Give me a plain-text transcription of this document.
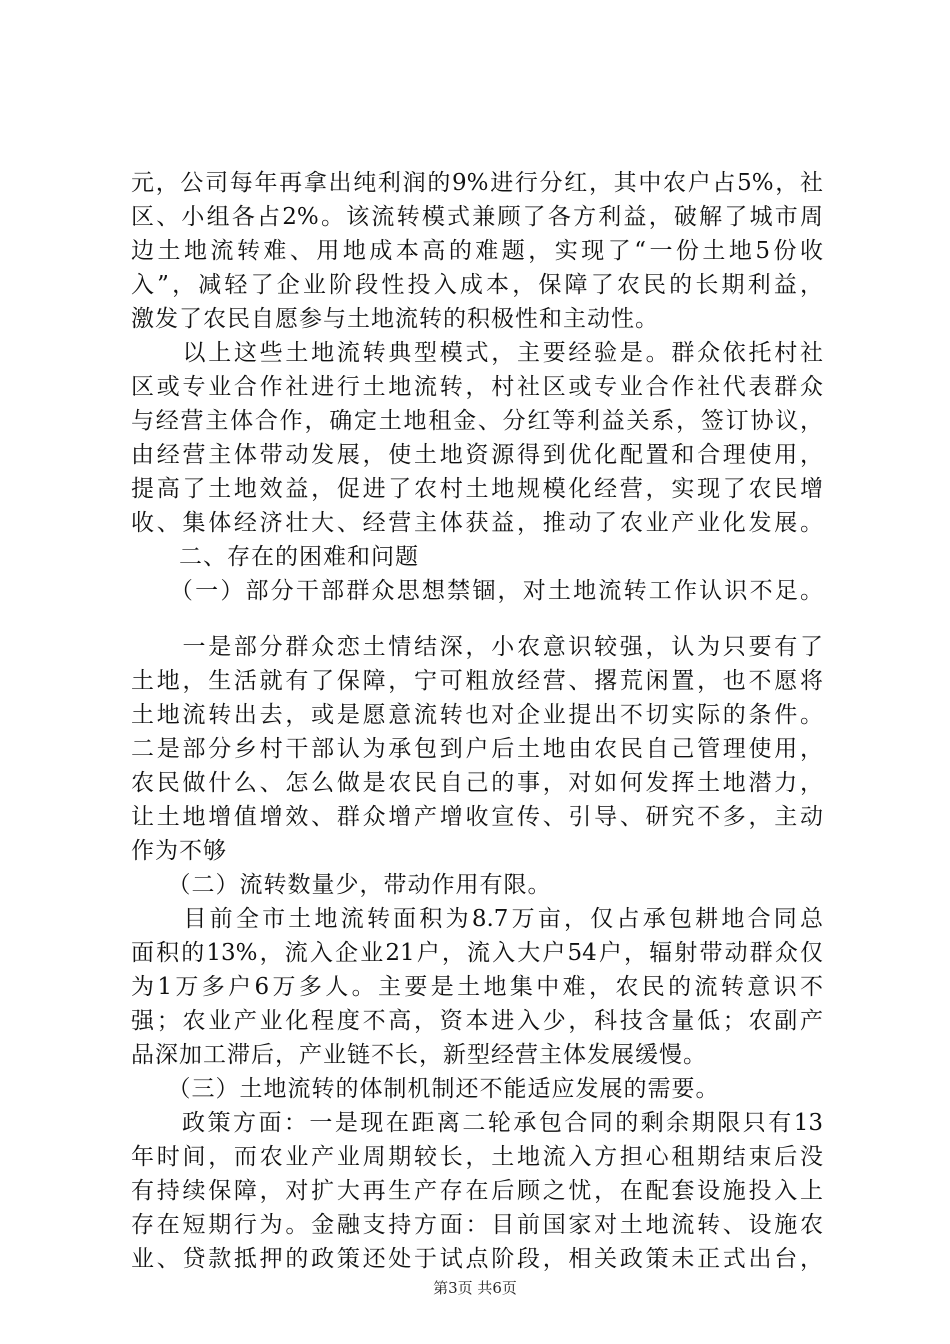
元，公司每年再拿出纯利润的9%进行分红，其中农户占5%，社
区、小组各占2%。该流转模式兼顾了各方利益，破解了城市周
边土地流转难、用地成本高的难题，实现了“一份土地5份收
入”，减轻了企业阶段性投入成本，保障了农民的长期利益，
激发了农民自愿参与土地流转的积极性和主动性。
　　以上这些土地流转典型模式，主要经验是。群众依托村社
区或专业合作社进行土地流转，村社区或专业合作社代表群众
与经营主体合作，确定土地租金、分红等利益关系，签订协议，
由经营主体带动发展，使土地资源得到优化配置和合理使用，
提高了土地效益，促进了农村土地规模化经营，实现了农民增
收、集体经济壮大、经营主体获益，推动了农业产业化发展。
　　二、存在的困难和问题
　　（一）部分干部群众思想禁锢，对土地流转工作认识不足。
　　一是部分群众恋土情结深，小农意识较强，认为只要有了
土地，生活就有了保障，宁可粗放经营、撂荒闲置，也不愿将
土地流转出去，或是愿意流转也对企业提出不切实际的条件。
二是部分乡村干部认为承包到户后土地由农民自己管理使用，
农民做什么、怎么做是农民自己的事，对如何发挥土地潜力，
让土地增值增效、群众增产增收宣传、引导、研究不多，主动
作为不够
　　（二）流转数量少，带动作用有限。
　　目前全市土地流转面积为8.7万亩，仅占承包耕地合同总
面积的13%，流入企业21户，流入大户54户，辐射带动群众仅
为1万多户6万多人。主要是土地集中难，农民的流转意识不
强；农业产业化程度不高，资本进入少，科技含量低；农副产
品深加工滞后，产业链不长，新型经营主体发展缓慢。
　　（三）土地流转的体制机制还不能适应发展的需要。
　　政策方面：一是现在距离二轮承包合同的剩余期限只有13
年时间，而农业产业周期较长，土地流入方担心租期结束后没
有持续保障，对扩大再生产存在后顾之忧，在配套设施投入上
存在短期行为。金融支持方面：目前国家对土地流转、设施农
业、贷款抵押的政策还处于试点阶段，相关政策未正式出台，
第3页 共6页
